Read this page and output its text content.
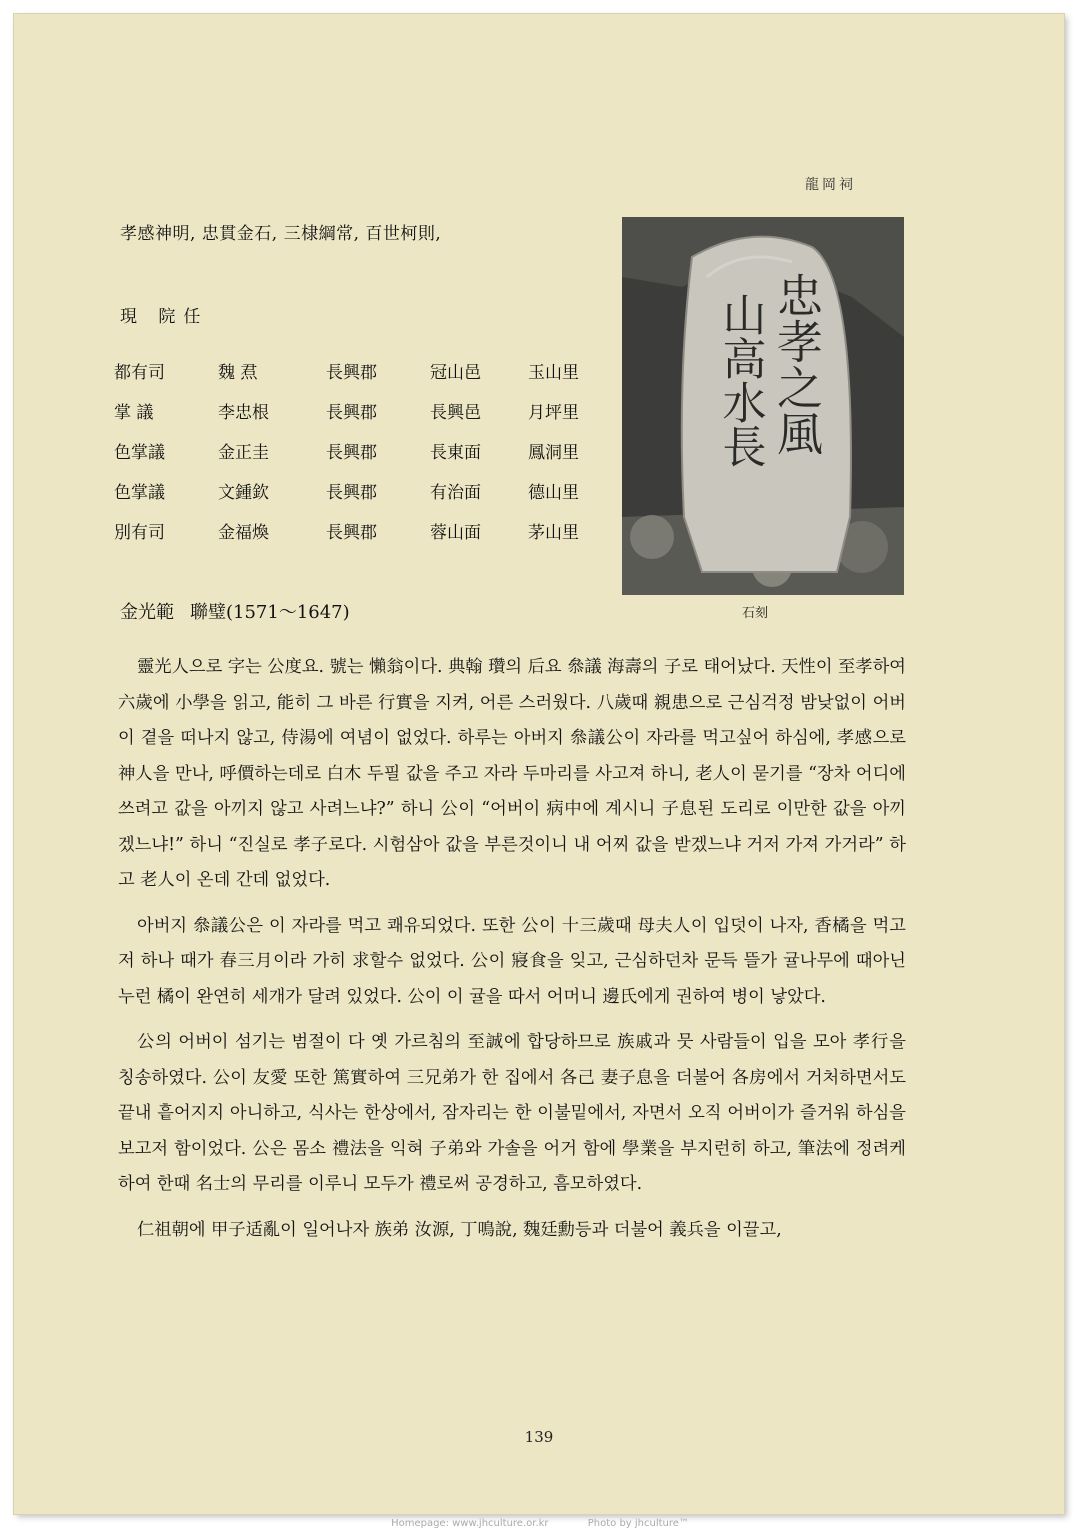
龍岡祠
孝感神明, 忠貫金石, 三棣綱常, 百世柯則,
現 院任
都有司	魏 焄	長興郡	冠山邑	玉山里
掌 議	李忠根	長興郡	長興邑	月坪里
色掌議	金正圭	長興郡	長東面	鳳洞里
色掌議	文鍾欽	長興郡	有治面	德山里
別有司	金福煥	長興郡	蓉山面	茅山里
忠孝之風
山高水長
石刻
金光範 聯璧(1571～1647)

靈光人으로 字는 公度요. 號는 懶翁이다. 典翰 瓚의 后요 叅議 海壽의 子로 태어났다. 天性이 至孝하여 六歲에 小學을 읽고, 能히 그 바른 行實을 지켜, 어른 스러웠다. 八歲때 親患으로 근심걱정 밤낮없이 어버이 곁을 떠나지 않고, 侍湯에 여념이 없었다. 하루는 아버지 叅議公이 자라를 먹고싶어 하심에, 孝感으로 神人을 만나, 呼價하는데로 白木 두필 값을 주고 자라 두마리를 사고져 하니, 老人이 묻기를 “장차 어디에 쓰려고 값을 아끼지 않고 사려느냐?” 하니 公이 “어버이 病中에 계시니 子息된 도리로 이만한 값을 아끼겠느냐!” 하니 “진실로 孝子로다. 시험삼아 값을 부른것이니 내 어찌 값을 받겠느냐 거저 가져 가거라” 하고 老人이 온데 간데 없었다.

아버지 叅議公은 이 자라를 먹고 쾌유되었다. 또한 公이 十三歲때 母夫人이 입덧이 나자, 香橘을 먹고저 하나 때가 春三月이라 가히 求할수 없었다. 公이 寢食을 잊고, 근심하던차 문득 뜰가 귤나무에 때아닌 누런 橘이 완연히 세개가 달려 있었다. 公이 이 귤을 따서 어머니 邊氏에게 권하여 병이 낳았다.

公의 어버이 섬기는 범절이 다 옛 가르침의 至誠에 합당하므로 族戚과 뭇 사람들이 입을 모아 孝行을 칭송하였다. 公이 友愛 또한 篤實하여 三兄弟가 한 집에서 各己 妻子息을 더불어 各房에서 거처하면서도 끝내 흩어지지 아니하고, 식사는 한상에서, 잠자리는 한 이불밑에서, 자면서 오직 어버이가 즐거워 하심을 보고저 함이었다. 公은 몸소 禮法을 익혀 子弟와 가솔을 어거 함에 學業을 부지런히 하고, 筆法에 정려케하여 한때 名士의 무리를 이루니 모두가 禮로써 공경하고, 흠모하였다.

仁祖朝에 甲子适亂이 일어나자 族弟 汝源, 丁鳴說, 魏廷勳등과 더불어 義兵을 이끌고,

139
Homepage: www.jhculture.or.kr	Photo by jhculture™
